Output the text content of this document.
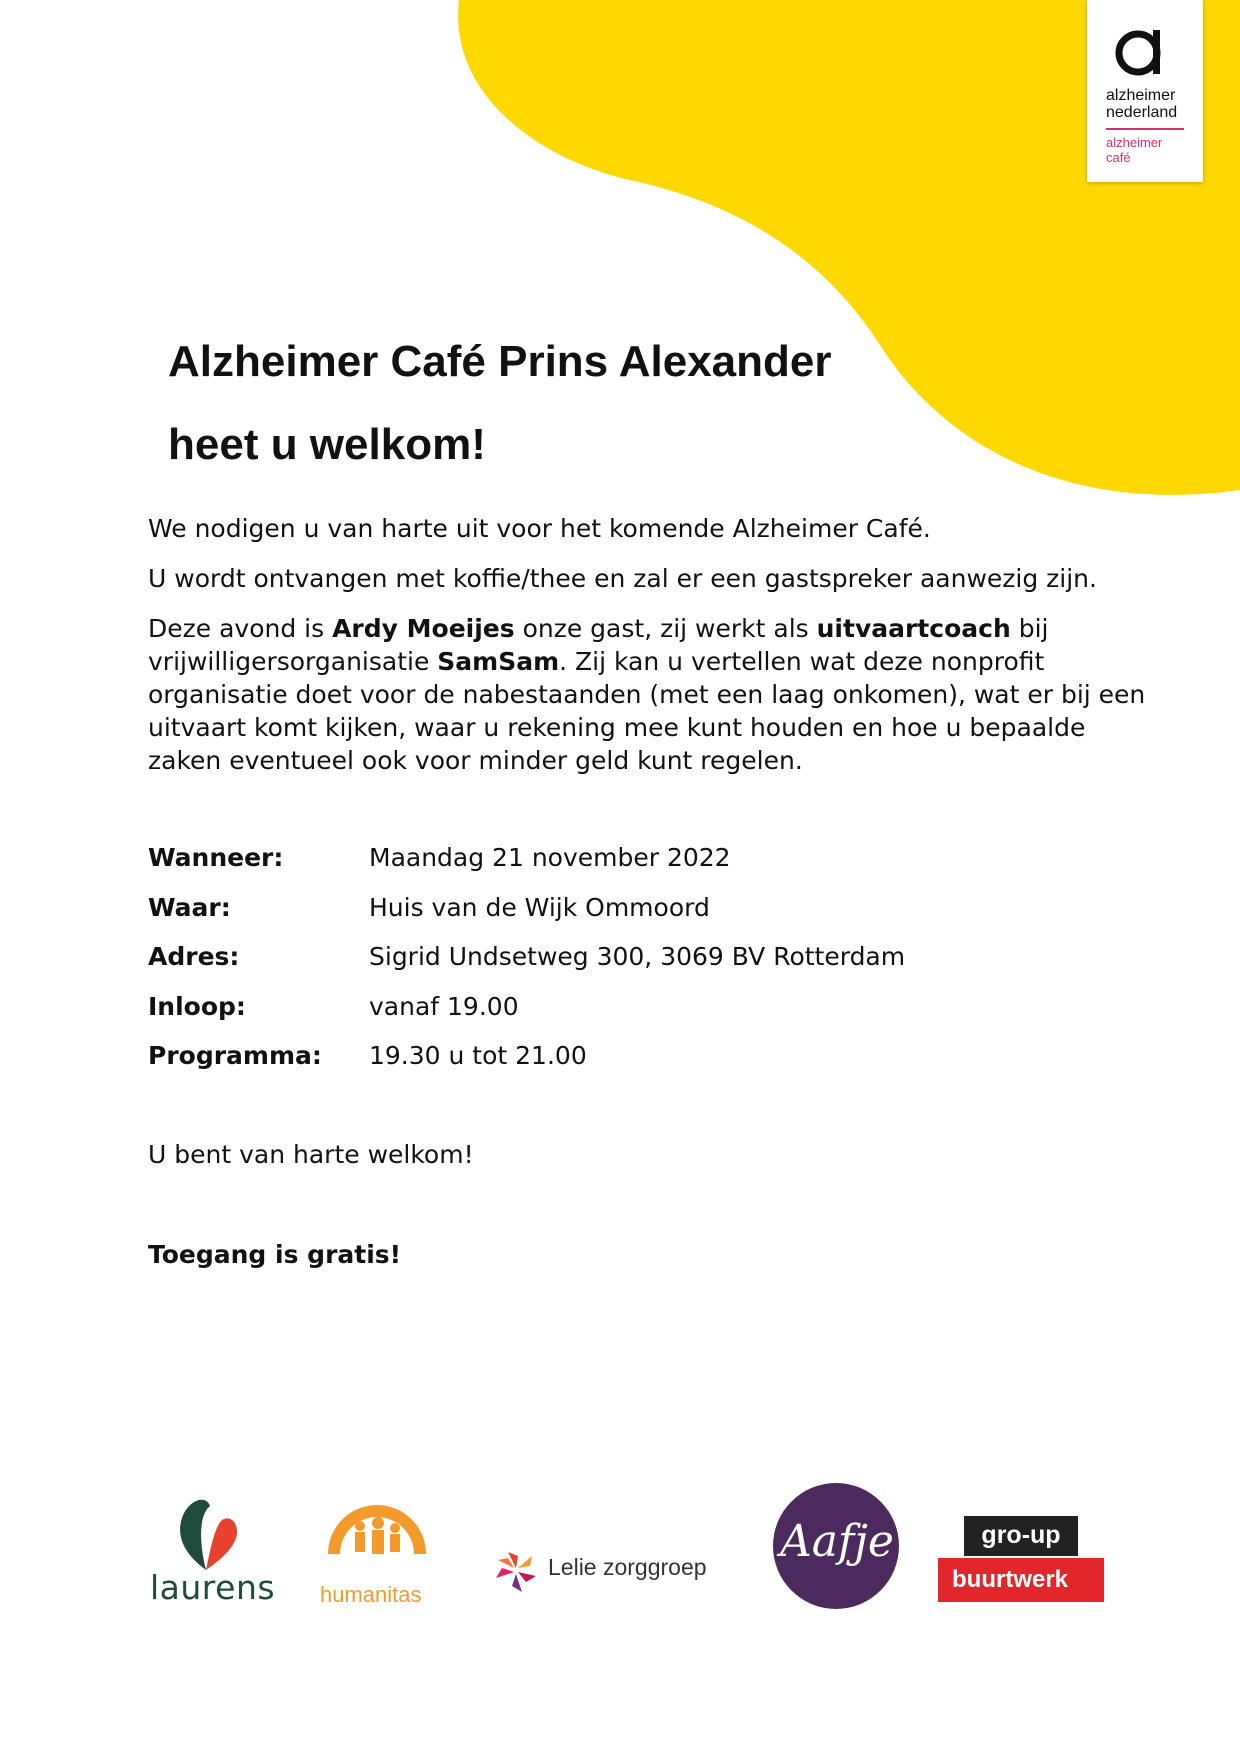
alzheimer
nederland
alzheimer
café
Alzheimer Café Prins Alexander
heet u welkom!

We nodigen u van harte uit voor het komende Alzheimer Café.

U wordt ontvangen met koffie/thee en zal er een gastspreker aanwezig zijn.

Deze avond is Ardy Moeijes onze gast, zij werkt als uitvaartcoach bij vrijwilligersorganisatie SamSam. Zij kan u vertellen wat deze nonprofit organisatie doet voor de nabestaanden (met een laag onkomen), wat er bij een uitvaart komt kijken, waar u rekening mee kunt houden en hoe u bepaalde zaken eventueel ook voor minder geld kunt regelen.

Wanneer:	Maandag 21 november 2022
Waar:	Huis van de Wijk Ommoord
Adres:	Sigrid Undsetweg 300, 3069 BV Rotterdam
Inloop:	vanaf 19.00
Programma: 19.30 u tot 21.00

U bent van harte welkom!

Toegang is gratis!

laurens humanitas
Lelie zorggroep Aafje	gro-up
buurtwerk
